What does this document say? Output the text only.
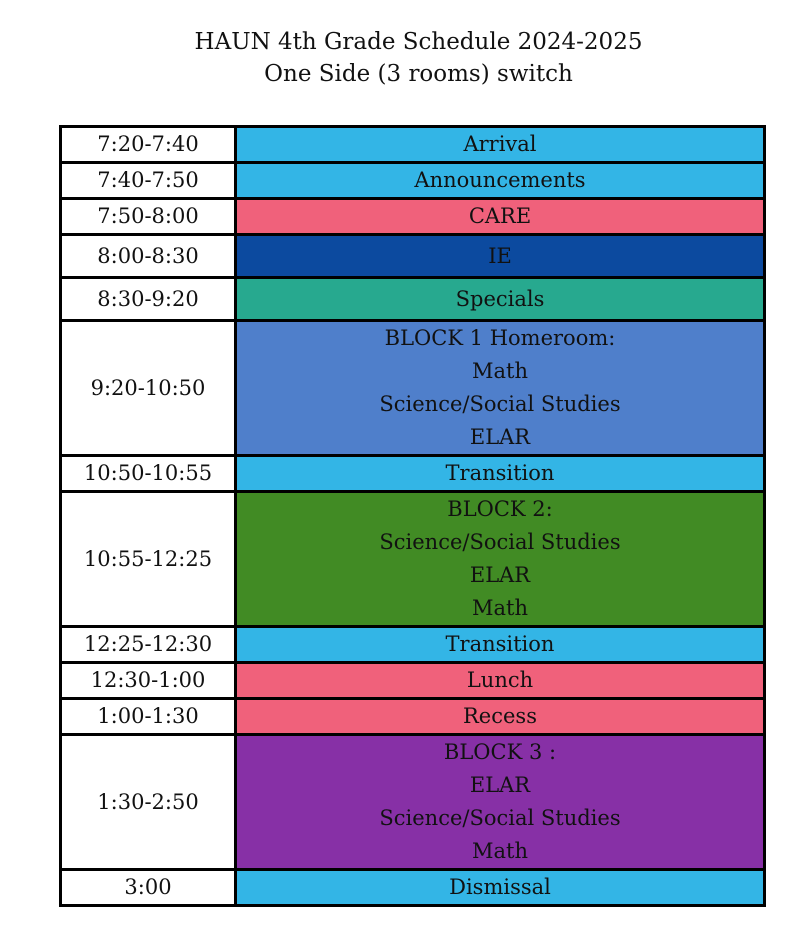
HAUN 4th Grade Schedule 2024-2025
One Side (3 rooms) switch
7:20-7:40	Arrival

7:40-7:50	Announcements

7:50-8:00	CARE

8:00-8:30	IE

8:30-9:20	Specials

9:20-10:50	BLOCK 1 Homeroom:
Math
Science/Social Studies
ELAR

10:50-10:55	Transition

10:55-12:25	BLOCK 2:
Science/Social Studies
ELAR
Math

12:25-12:30	Transition

12:30-1:00	Lunch

1:00-1:30	Recess

1:30-2:50	BLOCK 3 :
ELAR
Science/Social Studies
Math

3:00	Dismissal
